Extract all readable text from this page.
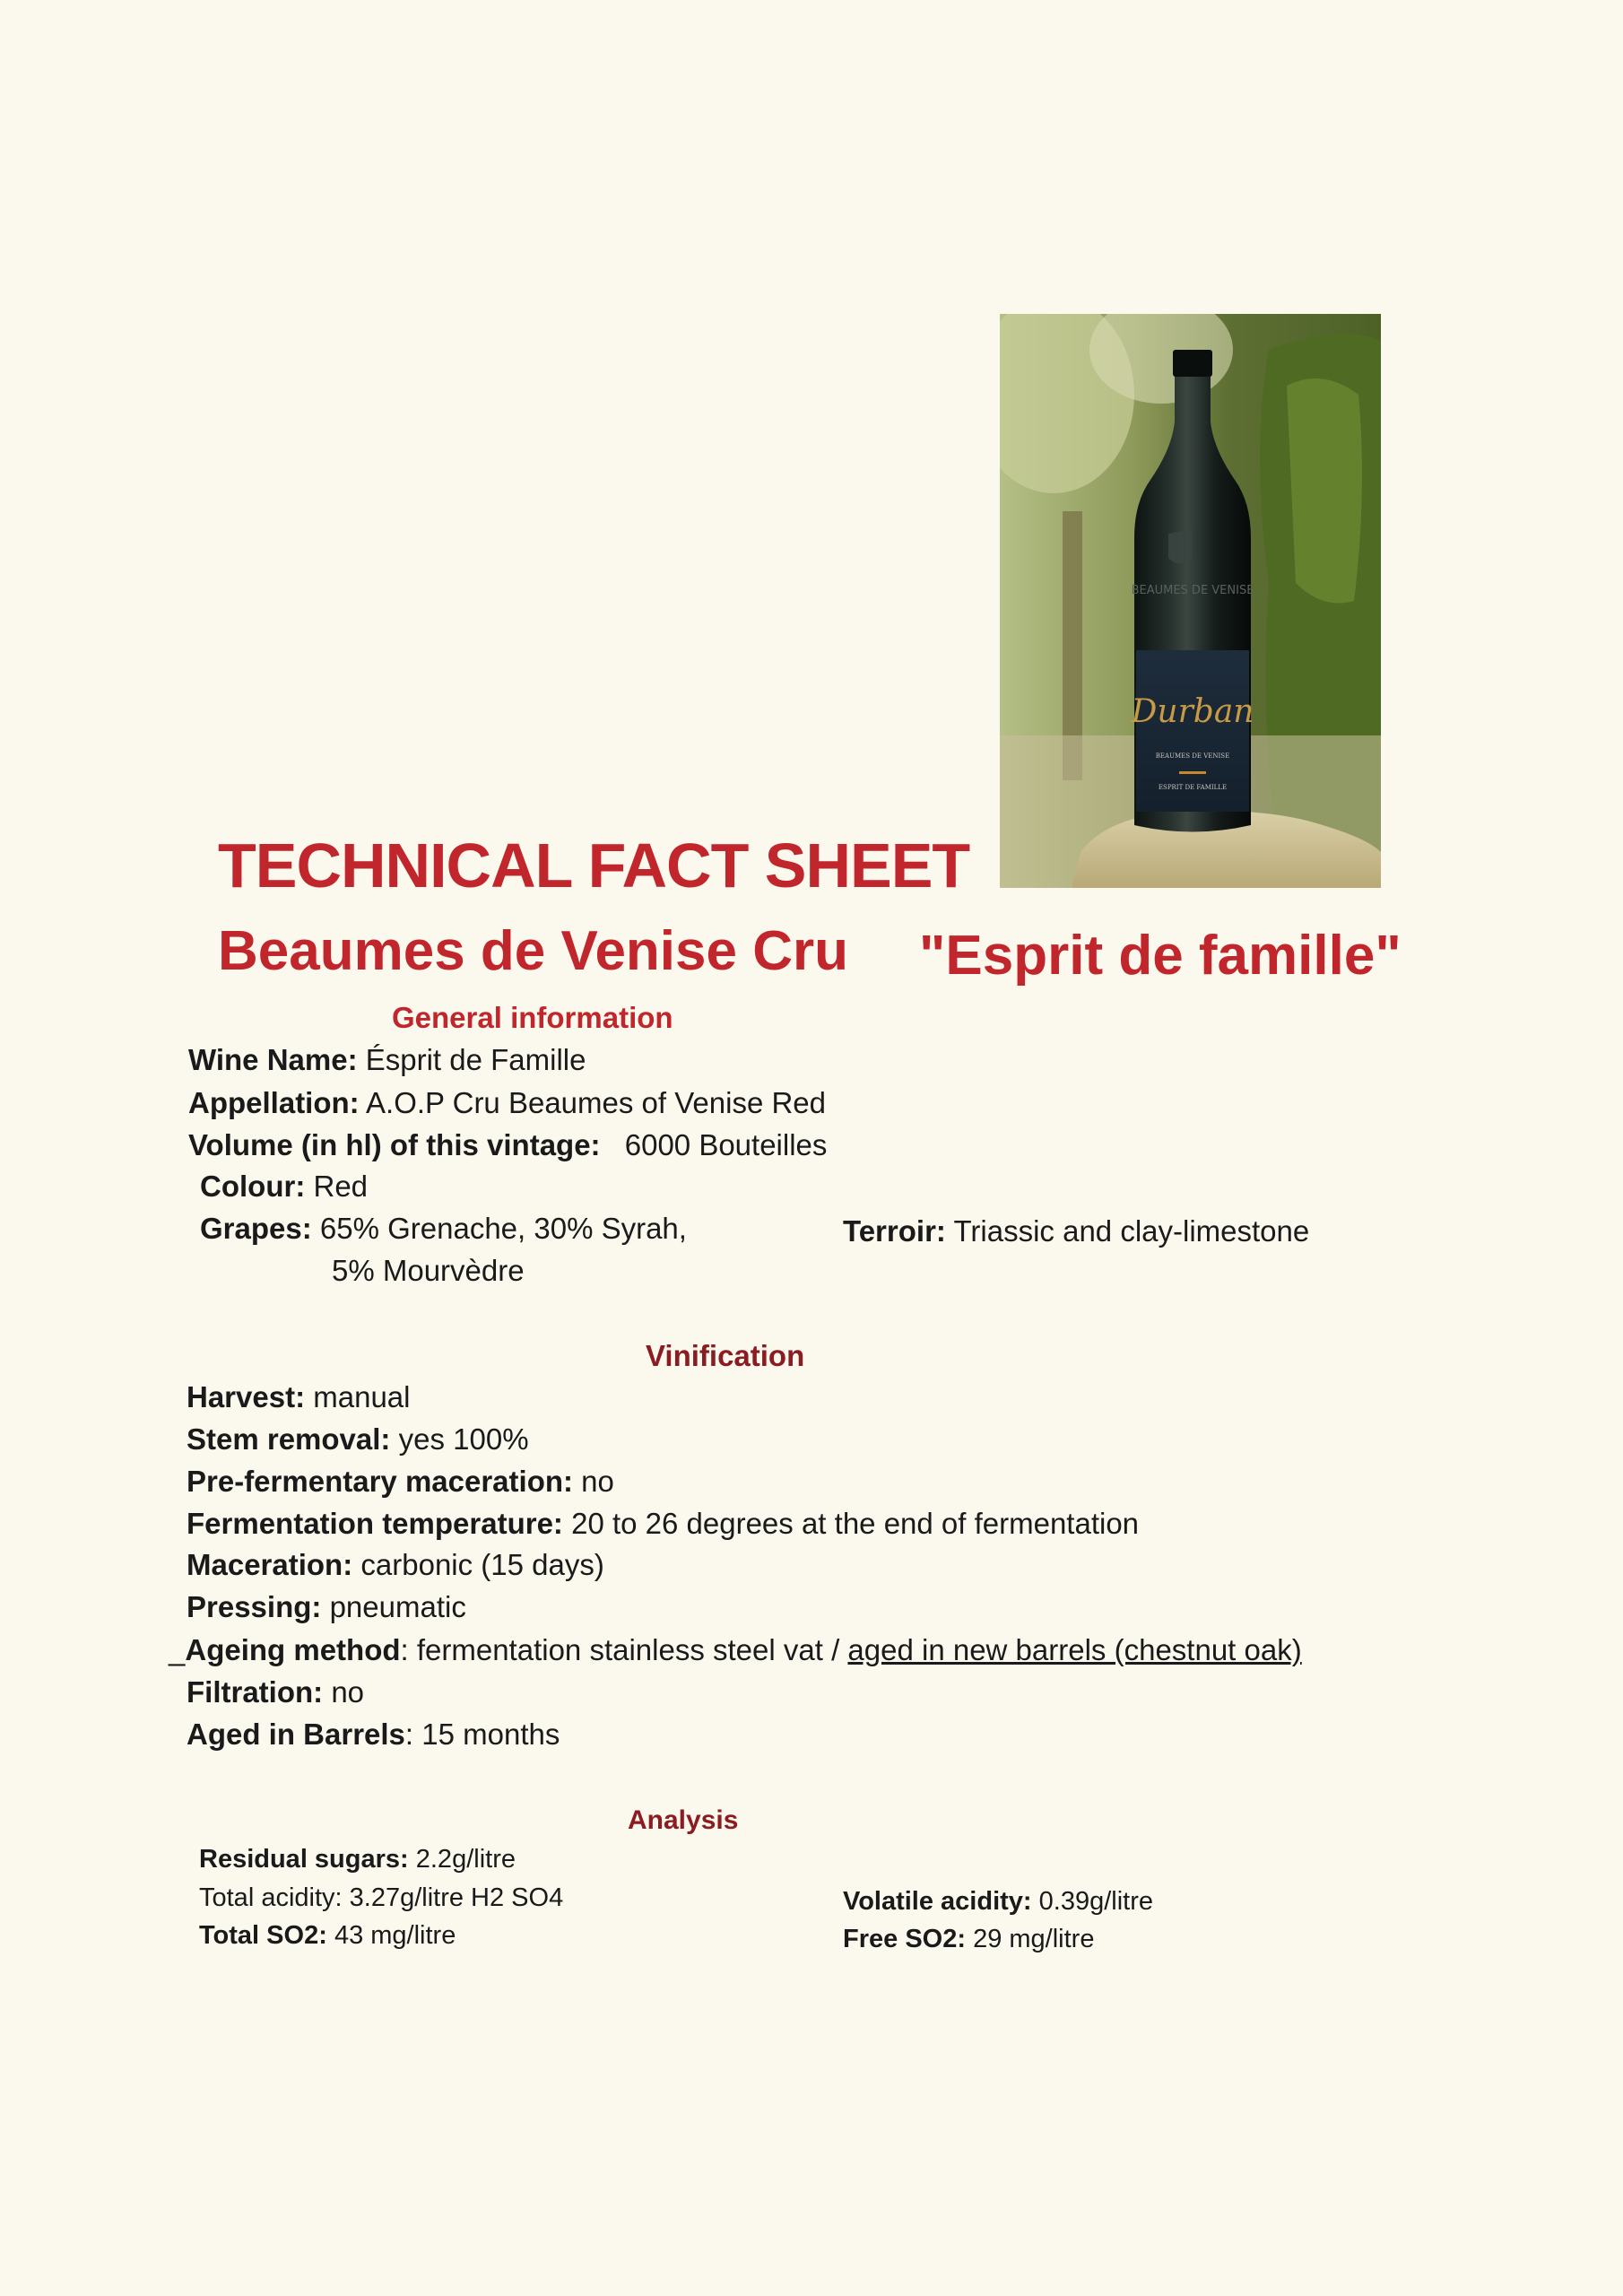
BEAUMES DE VENISE
Durban
BEAUMES DE VENISE
ESPRIT DE FAMILLE
TECHNICAL FACT SHEET
Beaumes de Venise Cru "Esprit de famille"
General information
Wine Name: Ésprit de Famille
Appellation: A.O.P Cru Beaumes of Venise Red
Volume (in hl) of this vintage: 6000 Bouteilles
Colour: Red
Grapes: 65% Grenache, 30% Syrah,
5% Mourvèdre
Terroir: Triassic and clay-limestone
Vinification
Harvest: manual
Stem removal: yes 100%
Pre-fermentary maceration: no
Fermentation temperature: 20 to 26 degrees at the end of fermentation
Maceration: carbonic (15 days)
Pressing: pneumatic
_Ageing method: fermentation stainless steel vat / aged in new barrels (chestnut oak)
Filtration: no
Aged in Barrels: 15 months
Analysis
Residual sugars: 2.2g/litre
Total acidity: 3.27g/litre H2 SO4
Total SO2: 43 mg/litre
Volatile acidity: 0.39g/litre
Free SO2: 29 mg/litre
